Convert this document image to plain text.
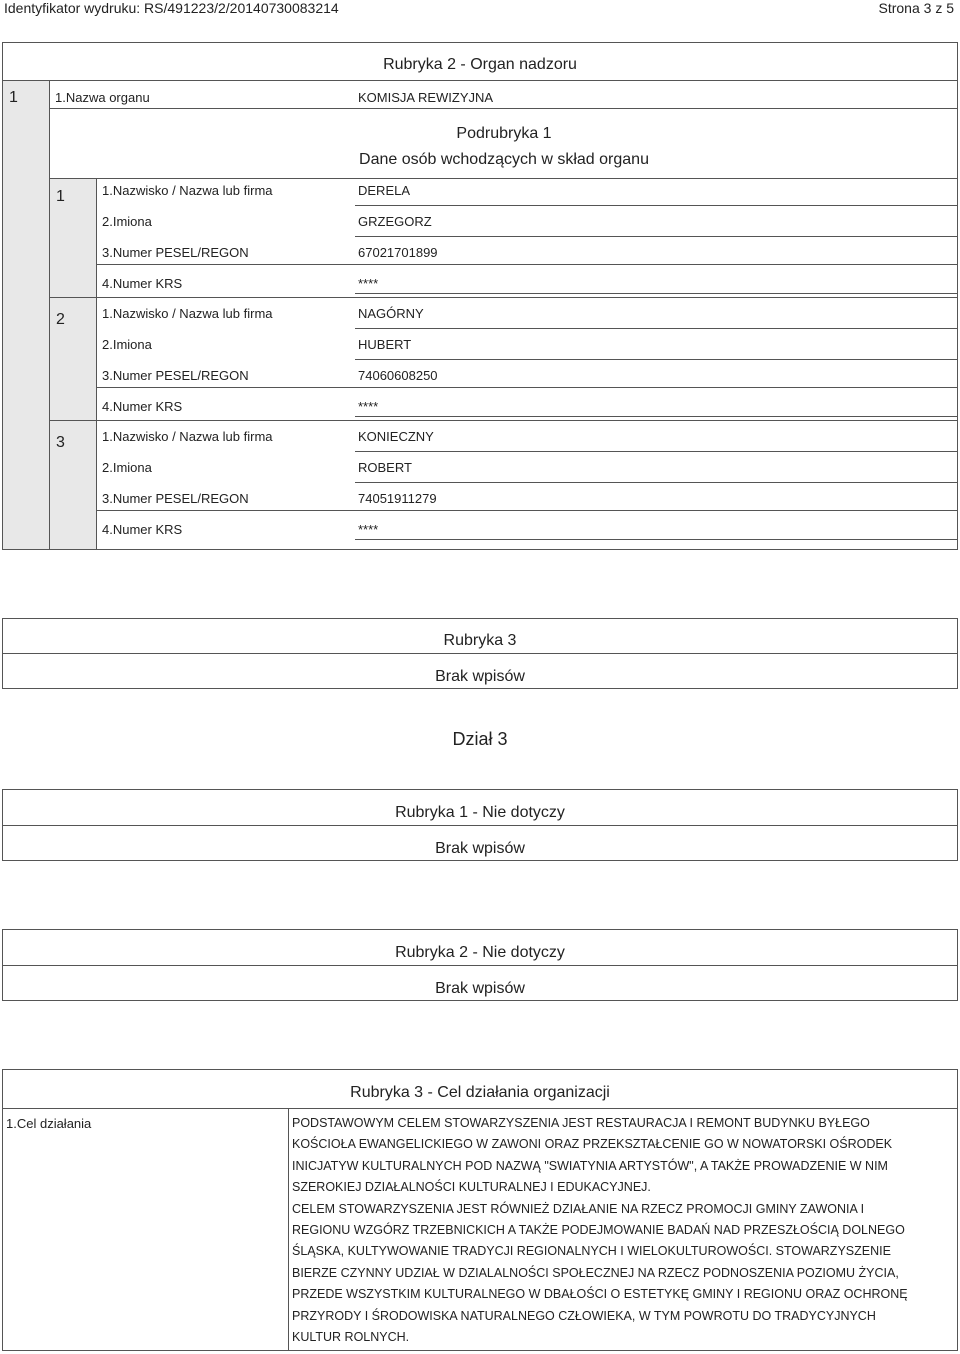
Identyfikator wydruku: RS/491223/2/20140730083214	Strona 3 z 5
Rubryka 2 - Organ nadzoru
1	1.Nazwa organu	KOMISJA REWIZYJNA
Podrubryka 1
Dane osób wchodzących w skład organu
1	1.Nazwisko / Nazwa lub firma	DERELA
2.Imiona	GRZEGORZ
3.Numer PESEL/REGON	67021701899
4.Numer KRS	****
2	1.Nazwisko / Nazwa lub firma	NAGÓRNY
2.Imiona	HUBERT
3.Numer PESEL/REGON	74060608250
4.Numer KRS	****
3	1.Nazwisko / Nazwa lub firma	KONIECZNY
2.Imiona	ROBERT
3.Numer PESEL/REGON	74051911279
4.Numer KRS	****
Rubryka 3
Brak wpisów
Dział 3
Rubryka 1 - Nie dotyczy
Brak wpisów
Rubryka 2 - Nie dotyczy
Brak wpisów
Rubryka 3 - Cel działania organizacji
1.Cel działania	PODSTAWOWYM CELEM STOWARZYSZENIA JEST RESTAURACJA I REMONT BUDYNKU BYŁEGO
KOŚCIOŁA EWANGELICKIEGO W ZAWONI ORAZ PRZEKSZTAŁCENIE GO W NOWATORSKI OŚRODEK
INICJATYW KULTURALNYCH POD NAZWĄ "SWIATYNIA ARTYSTÓW", A TAKŻE PROWADZENIE W NIM
SZEROKIEJ DZIAŁALNOŚCI KULTURALNEJ I EDUKACYJNEJ.
CELEM STOWARZYSZENIA JEST RÓWNIEŻ DZIAŁANIE NA RZECZ PROMOCJI GMINY ZAWONIA I
REGIONU WZGÓRZ TRZEBNICKICH A TAKŻE PODEJMOWANIE BADAŃ NAD PRZESZŁOŚCIĄ DOLNEGO
ŚLĄSKA, KULTYWOWANIE TRADYCJI REGIONALNYCH I WIELOKULTUROWOŚCI. STOWARZYSZENIE
BIERZE CZYNNY UDZIAŁ W DZIALALNOŚCI SPOŁECZNEJ NA RZECZ PODNOSZENIA POZIOMU ŻYCIA,
PRZEDE WSZYSTKIM KULTURALNEGO W DBAŁOŚCI O ESTETYKĘ GMINY I REGIONU ORAZ OCHRONĘ
PRZYRODY I ŚRODOWISKA NATURALNEGO CZŁOWIEKA, W TYM POWROTU DO TRADYCYJNYCH
KULTUR ROLNYCH.
